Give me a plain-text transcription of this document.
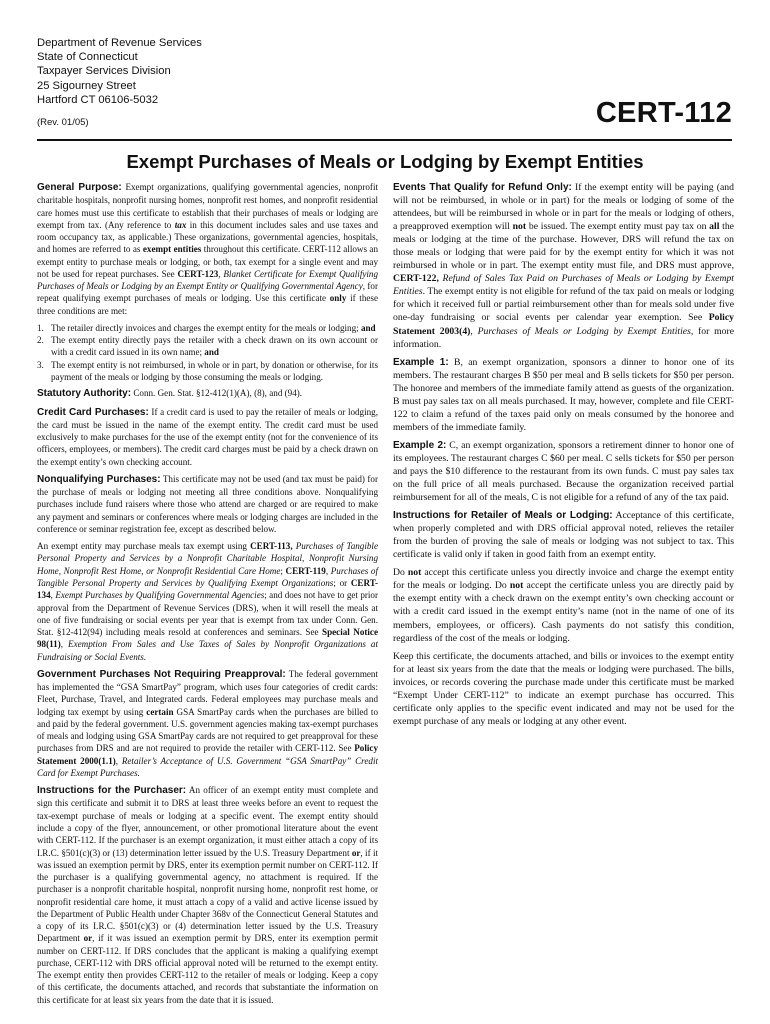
Department of Revenue Services
State of Connecticut
Taxpayer Services Division
25 Sigourney Street
Hartford CT 06106-5032
(Rev. 01/05)	CERT-112
Exempt Purchases of Meals or Lodging by Exempt Entities

General Purpose: Exempt organizations, qualifying governmental agencies, nonprofit charitable hospitals, nonprofit nursing homes, nonprofit rest homes, and nonprofit residential care homes must use this certificate to establish that their purchases of meals or lodging are exempt from tax. (Any reference to tax in this document includes sales and use taxes and room occupancy tax, as applicable.) These organizations, governmental agencies, hospitals, and homes are referred to as exempt entities throughout this certificate. CERT-112 allows an exempt entity to purchase meals or lodging, or both, tax exempt for a single event and may not be used for repeat purchases. See CERT-123, Blanket Certificate for Exempt Qualifying Purchases of Meals or Lodging by an Exempt Entity or Qualifying Governmental Agency, for repeat qualifying exempt purchases of meals or lodging. Use this certificate only if these three conditions are met:

1. The retailer directly invoices and charges the exempt entity for the meals or lodging; and
2. The exempt entity directly pays the retailer with a check drawn on its own account or with a credit card issued in its own name; and
3. The exempt entity is not reimbursed, in whole or in part, by donation or otherwise, for its payment of the meals or lodging by those consuming the meals or lodging.

Statutory Authority: Conn. Gen. Stat. §12-412(1)(A), (8), and (94).

Credit Card Purchases: If a credit card is used to pay the retailer of meals or lodging, the card must be issued in the name of the exempt entity. The credit card must be used exclusively to make purchases for the use of the exempt entity (not for the convenience of its officers, employees, or members). The credit card charges must be paid by a check drawn on the exempt entity’s own checking account.

Nonqualifying Purchases: This certificate may not be used (and tax must be paid) for the purchase of meals or lodging not meeting all three conditions above. Nonqualifying purchases include fund raisers where those who attend are charged or are required to make any payment and seminars or conferences where meals or lodging charges are included in the conference or seminar registration fee, except as described below.

An exempt entity may purchase meals tax exempt using CERT-113, Purchases of Tangible Personal Property and Services by a Nonprofit Charitable Hospital, Nonprofit Nursing Home, Nonprofit Rest Home, or Nonprofit Residential Care Home; CERT-119, Purchases of Tangible Personal Property and Services by Qualifying Exempt Organizations; or CERT-134, Exempt Purchases by Qualifying Governmental Agencies; and does not have to get prior approval from the Department of Revenue Services (DRS), when it will resell the meals at one of five fundraising or social events per year that is exempt from tax under Conn. Gen. Stat. §12-412(94) including meals resold at conferences and seminars. See Special Notice 98(11), Exemption From Sales and Use Taxes of Sales by Nonprofit Organizations at Fundraising or Social Events.

Government Purchases Not Requiring Preapproval: The federal government has implemented the “GSA SmartPay” program, which uses four categories of credit cards: Fleet, Purchase, Travel, and Integrated cards. Federal employees may purchase meals and lodging tax exempt by using certain GSA SmartPay cards when the purchases are billed to and paid by the federal government. U.S. government agencies making tax-exempt purchases of meals and lodging using GSA SmartPay cards are not required to get preapproval for these purchases from DRS and are not required to provide the retailer with CERT-112. See Policy Statement 2000(1.1), Retailer’s Acceptance of U.S. Government “GSA SmartPay” Credit Card for Exempt Purchases.

Instructions for the Purchaser: An officer of an exempt entity must complete and sign this certificate and submit it to DRS at least three weeks before an event to request the tax-exempt purchase of meals or lodging at a specific event. The exempt entity should include a copy of the flyer, announcement, or other promotional literature about the event with CERT-112. If the purchaser is an exempt organization, it must either attach a copy of its I.R.C. §501(c)(3) or (13) determination letter issued by the U.S. Treasury Department or, if it was issued an exemption permit by DRS, enter its exemption permit number on CERT-112. If the purchaser is a qualifying governmental agency, no attachment is required. If the purchaser is a nonprofit charitable hospital, nonprofit nursing home, nonprofit rest home, or nonprofit residential care home, it must attach a copy of a valid and active license issued by the Department of Public Health under Chapter 368v of the Connecticut General Statutes and a copy of its I.R.C. §501(c)(3) or (4) determination letter issued by the U.S. Treasury Department or, if it was issued an exemption permit by DRS, enter its exemption permit number on CERT-112. If DRS concludes that the applicant is making a qualifying exempt purchase, CERT-112 with DRS official approval noted will be returned to the exempt entity. The exempt entity then provides CERT-112 to the retailer of meals or lodging. Keep a copy of this certificate, the documents attached, and records that substantiate the information on this certificate for at least six years from the date that it is issued.

Events That Qualify for Refund Only: If the exempt entity will be paying (and will not be reimbursed, in whole or in part) for the meals or lodging of some of the attendees, but will be reimbursed in whole or in part for the meals or lodging of others, a preapproved exemption will not be issued. The exempt entity must pay tax on all the meals or lodging at the time of the purchase. However, DRS will refund the tax on those meals or lodging that were paid for by the exempt entity for which it was not reimbursed in whole or in part. The exempt entity must file, and DRS must approve, CERT-122, Refund of Sales Tax Paid on Purchases of Meals or Lodging by Exempt Entities. The exempt entity is not eligible for refund of the tax paid on meals or lodging for which it received full or partial reimbursement other than for meals sold under five one-day fundraising or social events per calendar year exemption. See Policy Statement 2003(4), Purchases of Meals or Lodging by Exempt Entities, for more information.

Example 1: B, an exempt organization, sponsors a dinner to honor one of its members. The restaurant charges B $50 per meal and B sells tickets for $50 per person. The honoree and members of the immediate family attend as guests of the organization. B must pay sales tax on all meals purchased. It may, however, complete and file CERT-122 to claim a refund of the taxes paid only on meals consumed by the honoree and members of the immediate family.

Example 2: C, an exempt organization, sponsors a retirement dinner to honor one of its employees. The restaurant charges C $60 per meal. C sells tickets for $50 per person and pays the $10 difference to the restaurant from its own funds. C must pay sales tax on the full price of all meals purchased. Because the organization received partial reimbursement for all of the meals, C is not eligible for a refund of any of the tax paid.

Instructions for Retailer of Meals or Lodging: Acceptance of this certificate, when properly completed and with DRS official approval noted, relieves the retailer from the burden of proving the sale of meals or lodging was not subject to tax. This certificate is valid only if taken in good faith from an exempt entity.

Do not accept this certificate unless you directly invoice and charge the exempt entity for the meals or lodging. Do not accept the certificate unless you are directly paid by the exempt entity with a check drawn on the exempt entity’s own checking account or with a credit card issued in the exempt entity’s name (not in the name of one of its members, employees, or officers). Cash payments do not satisfy this condition, regardless of the cost of the meals or lodging.

Keep this certificate, the documents attached, and bills or invoices to the exempt entity for at least six years from the date that the meals or lodging were purchased. The bills, invoices, or records covering the purchase made under this certificate must be marked “Exempt Under CERT-112” to indicate an exempt purchase has occurred. This certificate only applies to the specific event indicated and may not be used for the exempt purchase of any meals or lodging at any other event.
